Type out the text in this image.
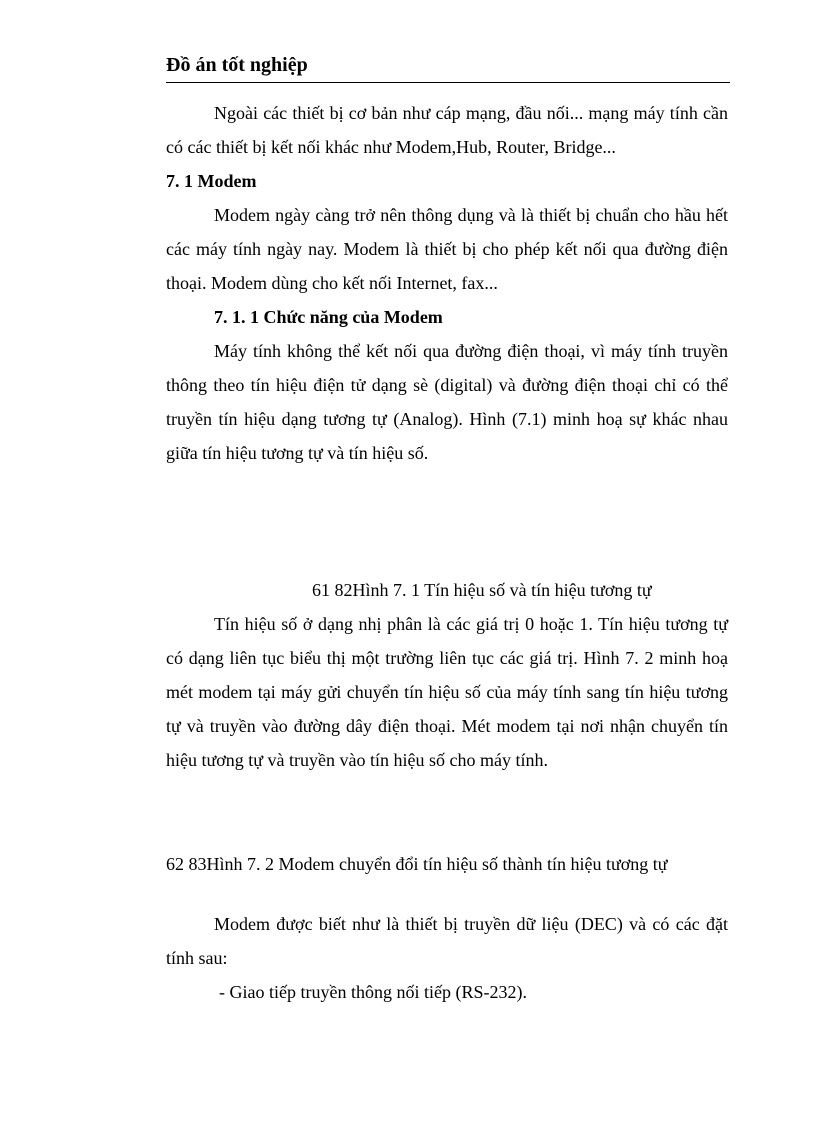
Đồ án tốt nghiệp

Ngoài các thiết bị cơ bản như cáp mạng, đầu nối... mạng máy tính cần có các thiết bị kết nối khác như Modem,Hub, Router, Bridge...

7. 1 Modem

Modem ngày càng trở nên thông dụng và là thiết bị chuẩn cho hầu hết các máy tính ngày nay. Modem là thiết bị cho phép kết nối qua đường điện thoại. Modem dùng cho kết nối Internet, fax...

7. 1. 1 Chức năng của Modem

Máy tính không thể kết nối qua đường điện thoại, vì máy tính truyền thông theo tín hiệu điện tử dạng sè (digital) và đường điện thoại chỉ có thể truyền tín hiệu dạng tương tự (Analog). Hình (7.1) minh hoạ sự khác nhau giữa tín hiệu tương tự và tín hiệu số.

61 82Hình 7. 1 Tín hiệu số và tín hiệu tương tự

Tín hiệu số ở dạng nhị phân là các giá trị 0 hoặc 1. Tín hiệu tương tự có dạng liên tục biểu thị một trường liên tục các giá trị. Hình 7. 2 minh hoạ mét modem tại máy gửi chuyển tín hiệu số của máy tính sang tín hiệu tương tự và truyền vào đường dây điện thoại. Mét modem tại nơi nhận chuyển tín hiệu tương tự và truyền vào tín hiệu số cho máy tính.

62 83Hình 7. 2 Modem chuyển đổi tín hiệu số thành tín hiệu tương tự

Modem được biết như là thiết bị truyền dữ liệu (DEC) và có các đặt tính sau:

- Giao tiếp truyền thông nối tiếp (RS-232).
